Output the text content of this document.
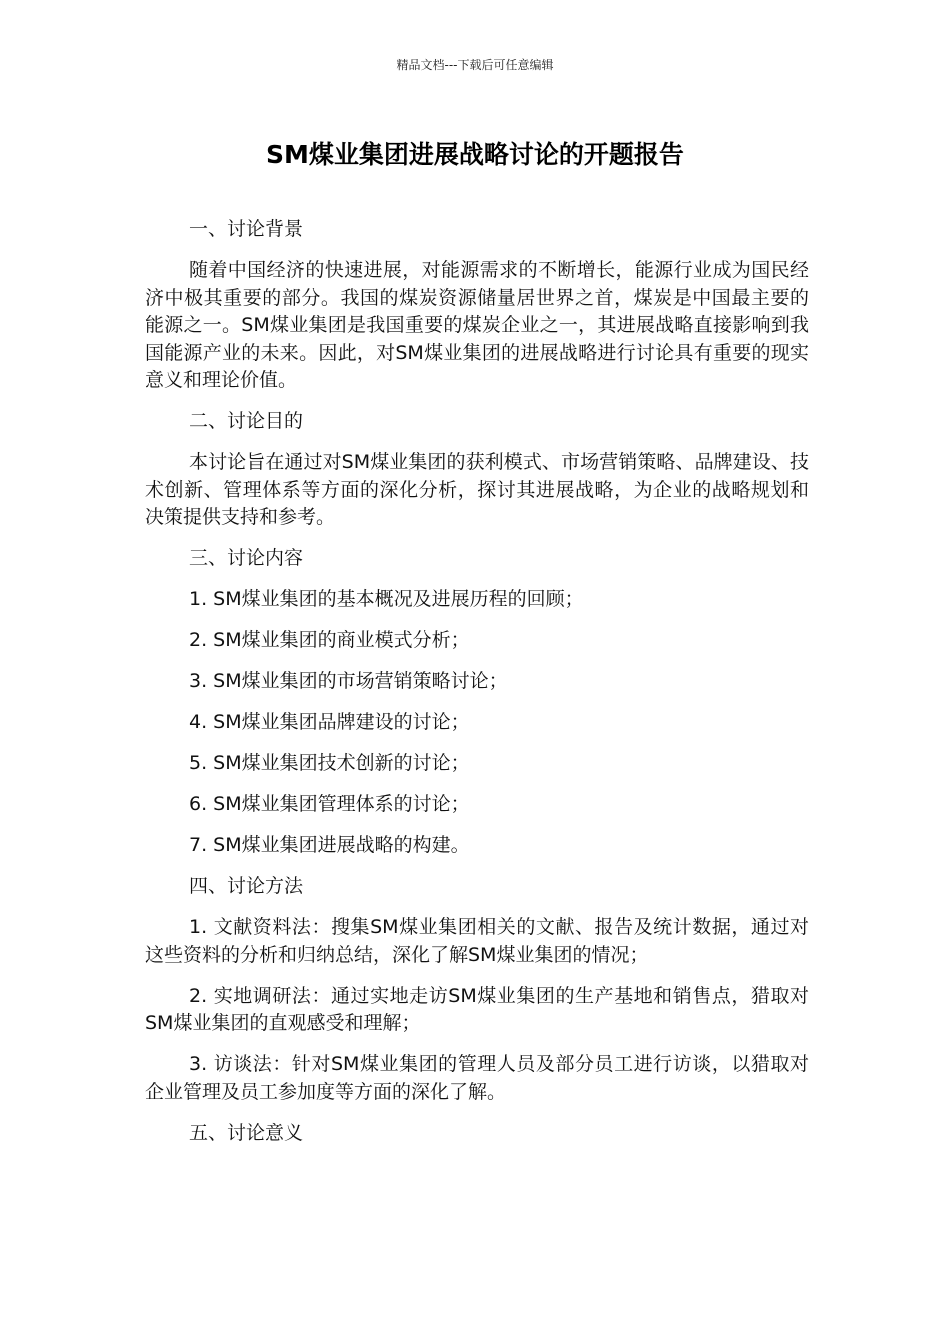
精品文档---下载后可任意编辑
SM煤业集团进展战略讨论的开题报告
一、讨论背景

随着中国经济的快速进展，对能源需求的不断增长，能源行业成为国民经济中极其重要的部分。我国的煤炭资源储量居世界之首，煤炭是中国最主要的能源之一。SM煤业集团是我国重要的煤炭企业之一，其进展战略直接影响到我国能源产业的未来。因此，对SM煤业集团的进展战略进行讨论具有重要的现实意义和理论价值。

二、讨论目的

本讨论旨在通过对SM煤业集团的获利模式、市场营销策略、品牌建设、技术创新、管理体系等方面的深化分析，探讨其进展战略，为企业的战略规划和决策提供支持和参考。

三、讨论内容
1. SM煤业集团的基本概况及进展历程的回顾；
2. SM煤业集团的商业模式分析；
3. SM煤业集团的市场营销策略讨论；
4. SM煤业集团品牌建设的讨论；
5. SM煤业集团技术创新的讨论；
6. SM煤业集团管理体系的讨论；
7. SM煤业集团进展战略的构建。
四、讨论方法

1. 文献资料法：搜集SM煤业集团相关的文献、报告及统计数据，通过对这些资料的分析和归纳总结，深化了解SM煤业集团的情况；

2. 实地调研法：通过实地走访SM煤业集团的生产基地和销售点，猎取对SM煤业集团的直观感受和理解；

3. 访谈法：针对SM煤业集团的管理人员及部分员工进行访谈，以猎取对企业管理及员工参加度等方面的深化了解。

五、讨论意义
